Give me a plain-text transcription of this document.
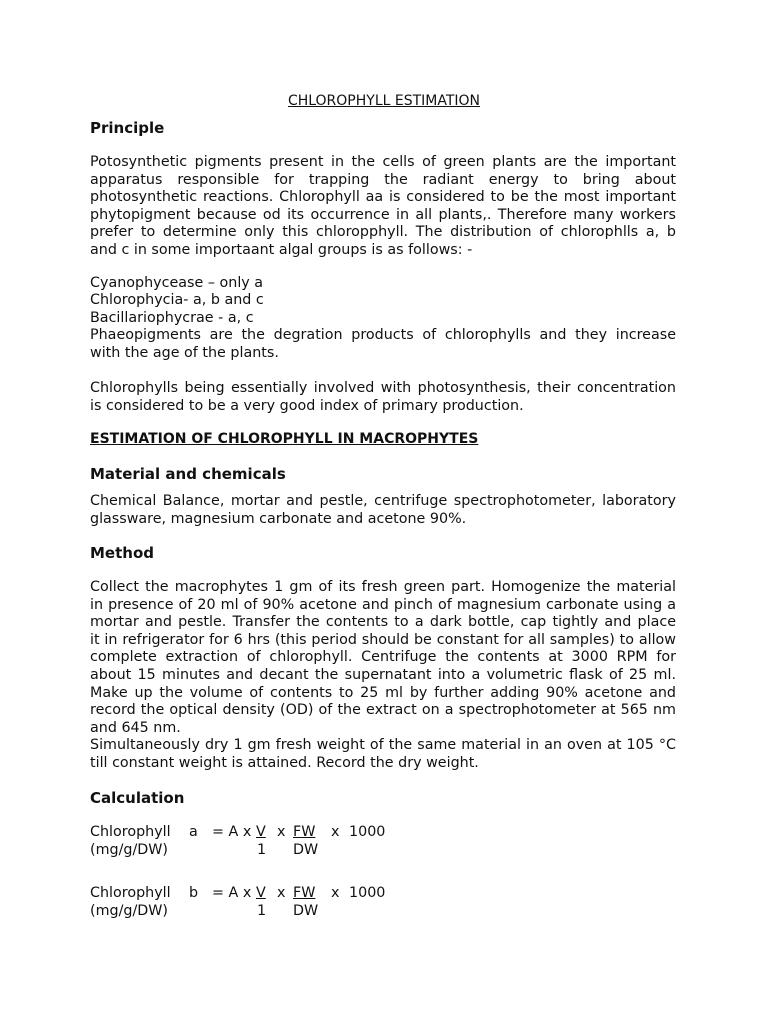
CHLOROPHYLL ESTIMATION
Principle
Potosynthetic pigments present in the cells of green plants are the important
apparatus responsible for trapping the radiant energy to bring about
photosynthetic reactions. Chlorophyll aa is considered to be the most important
phytopigment because od its occurrence in all plants,. Therefore many workers
prefer to determine only this chloropphyll. The distribution of chlorophlls a, b
and c in some importaant algal groups is as follows: -
Cyanophycease – only a
Chlorophycia- a, b and c
Bacillariophycrae - a, c
Phaeopigments are the degration products of chlorophylls and they increase
with the age of the plants.
Chlorophylls being essentially involved with photosynthesis, their concentration
is considered to be a very good index of primary production.
ESTIMATION OF CHLOROPHYLL IN MACROPHYTES
Material and chemicals
Chemical Balance, mortar and pestle, centrifuge spectrophotometer, laboratory
glassware, magnesium carbonate and acetone 90%.
Method
Collect the macrophytes 1 gm of its fresh green part. Homogenize the material
in presence of 20 ml of 90% acetone and pinch of magnesium carbonate using a
mortar and pestle. Transfer the contents to a dark bottle, cap tightly and place
it in refrigerator for 6 hrs (this period should be constant for all samples) to allow
complete extraction of chlorophyll. Centrifuge the contents at 3000 RPM for
about 15 minutes and decant the supernatant into a volumetric flask of 25 ml.
Make up the volume of contents to 25 ml by further adding 90% acetone and
record the optical density (OD) of the extract on a spectrophotometer at 565 nm
and 645 nm.
Simultaneously dry 1 gm fresh weight of the same material in an oven at 105 °C
till constant weight is attained. Record the dry weight.
Calculation
Chlorophyll a = A x V x FW x 1000
(mg/g/DW)	1 DW
Chlorophyll b = A x V x FW x 1000
(mg/g/DW)	1 DW
